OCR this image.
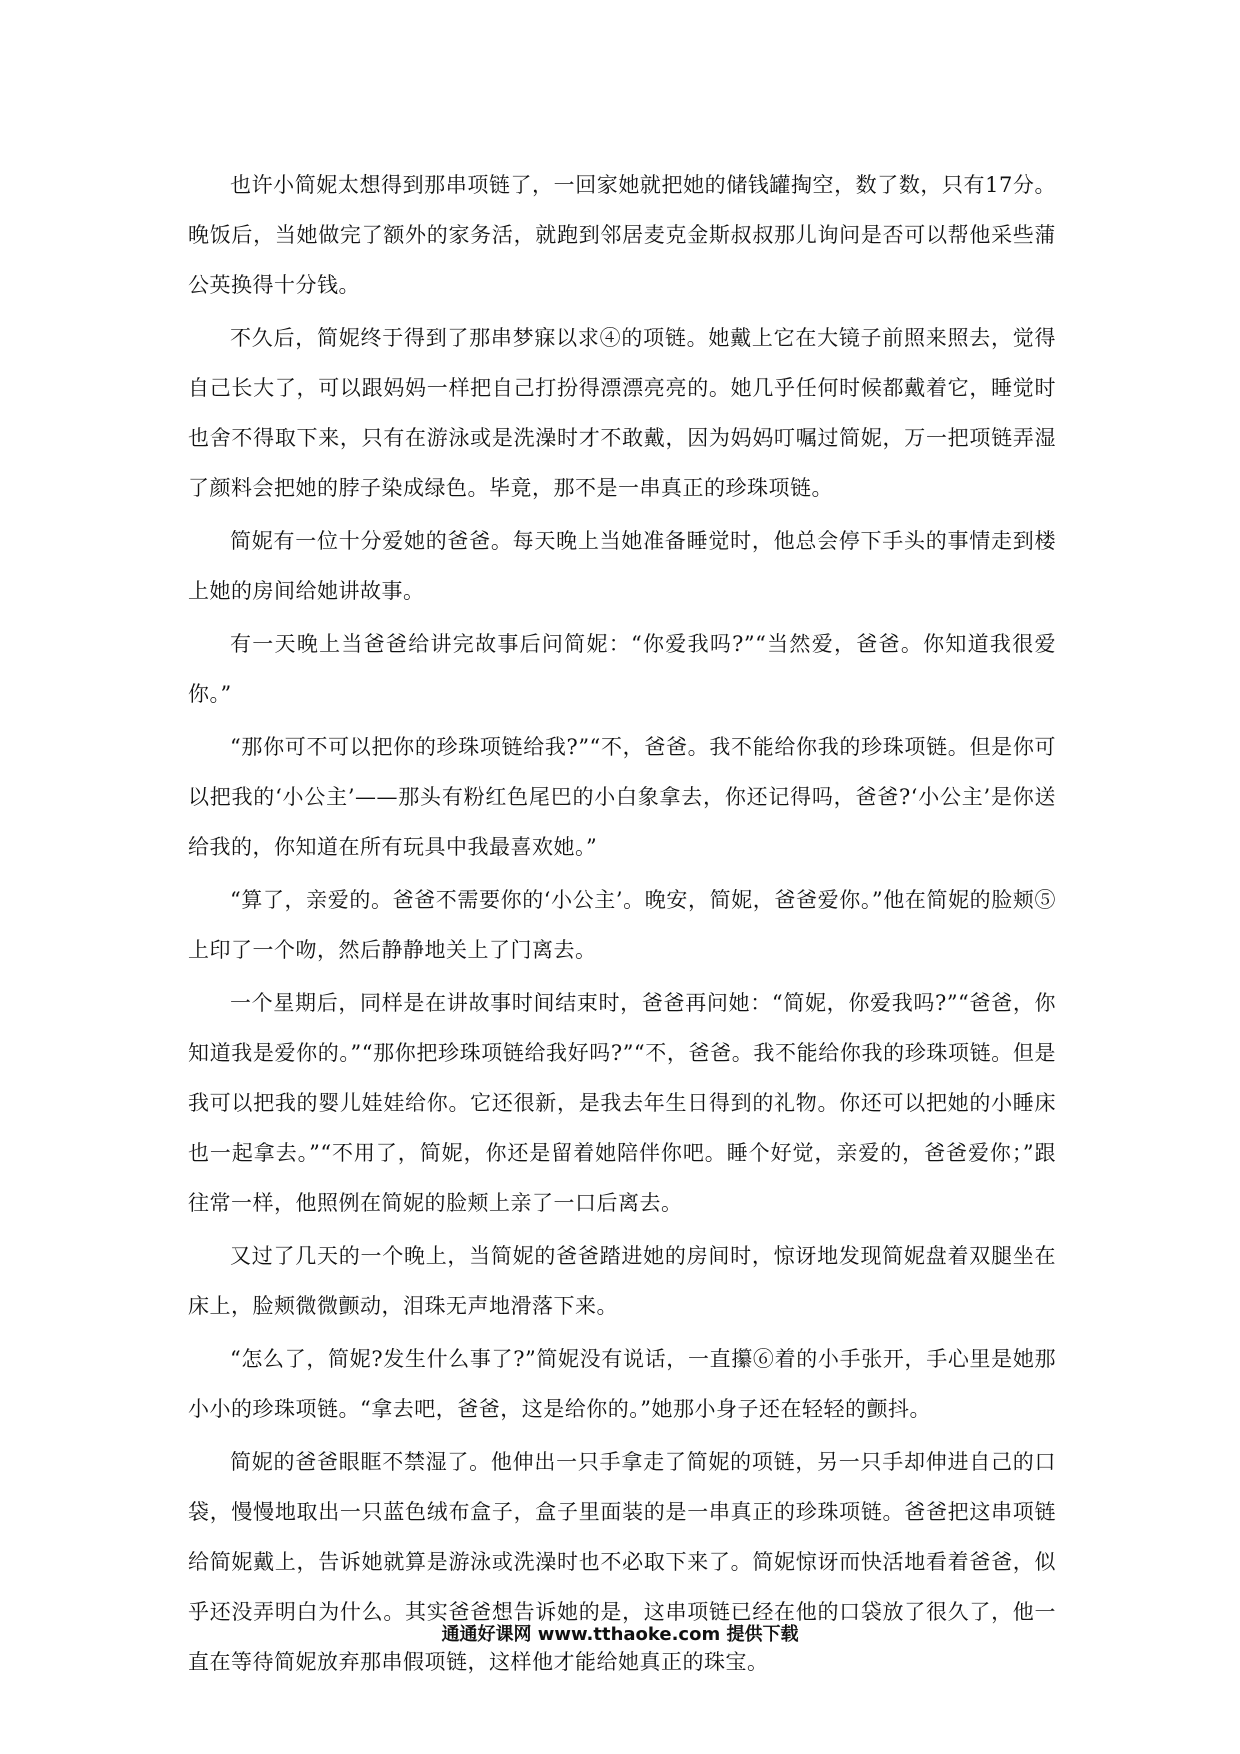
也许小简妮太想得到那串项链了，一回家她就把她的储钱罐掏空，数了数，只有17分。晚饭后，当她做完了额外的家务活，就跑到邻居麦克金斯叔叔那儿询问是否可以帮他采些蒲公英换得十分钱。

不久后，简妮终于得到了那串梦寐以求④的项链。她戴上它在大镜子前照来照去，觉得自己长大了，可以跟妈妈一样把自己打扮得漂漂亮亮的。她几乎任何时候都戴着它，睡觉时也舍不得取下来，只有在游泳或是洗澡时才不敢戴，因为妈妈叮嘱过简妮，万一把项链弄湿了颜料会把她的脖子染成绿色。毕竟，那不是一串真正的珍珠项链。

简妮有一位十分爱她的爸爸。每天晚上当她准备睡觉时，他总会停下手头的事情走到楼上她的房间给她讲故事。

有一天晚上当爸爸给讲完故事后问简妮：“你爱我吗?”“当然爱，爸爸。你知道我很爱你。”

“那你可不可以把你的珍珠项链给我?”“不，爸爸。我不能给你我的珍珠项链。但是你可以把我的‘小公主’——那头有粉红色尾巴的小白象拿去，你还记得吗，爸爸?‘小公主’是你送给我的，你知道在所有玩具中我最喜欢她。”

“算了，亲爱的。爸爸不需要你的‘小公主’。晚安，简妮，爸爸爱你。”他在简妮的脸颊⑤上印了一个吻，然后静静地关上了门离去。

一个星期后，同样是在讲故事时间结束时，爸爸再问她：“简妮，你爱我吗?”“爸爸，你知道我是爱你的。”“那你把珍珠项链给我好吗?”“不，爸爸。我不能给你我的珍珠项链。但是我可以把我的婴儿娃娃给你。它还很新，是我去年生日得到的礼物。你还可以把她的小睡床也一起拿去。”“不用了，简妮，你还是留着她陪伴你吧。睡个好觉，亲爱的，爸爸爱你；”跟往常一样，他照例在简妮的脸颊上亲了一口后离去。

又过了几天的一个晚上，当简妮的爸爸踏进她的房间时，惊讶地发现简妮盘着双腿坐在床上，脸颊微微颤动，泪珠无声地滑落下来。

“怎么了，简妮?发生什么事了?”简妮没有说话，一直攥⑥着的小手张开，手心里是她那小小的珍珠项链。“拿去吧，爸爸，这是给你的。”她那小身子还在轻轻的颤抖。

简妮的爸爸眼眶不禁湿了。他伸出一只手拿走了简妮的项链，另一只手却伸进自己的口袋，慢慢地取出一只蓝色绒布盒子，盒子里面装的是一串真正的珍珠项链。爸爸把这串项链给简妮戴上，告诉她就算是游泳或洗澡时也不必取下来了。简妮惊讶而快活地看着爸爸，似乎还没弄明白为什么。其实爸爸想告诉她的是，这串项链已经在他的口袋放了很久了，他一直在等待简妮放弃那串假项链，这样他才能给她真正的珠宝。

通通好课网 www.tthaoke.com 提供下载
